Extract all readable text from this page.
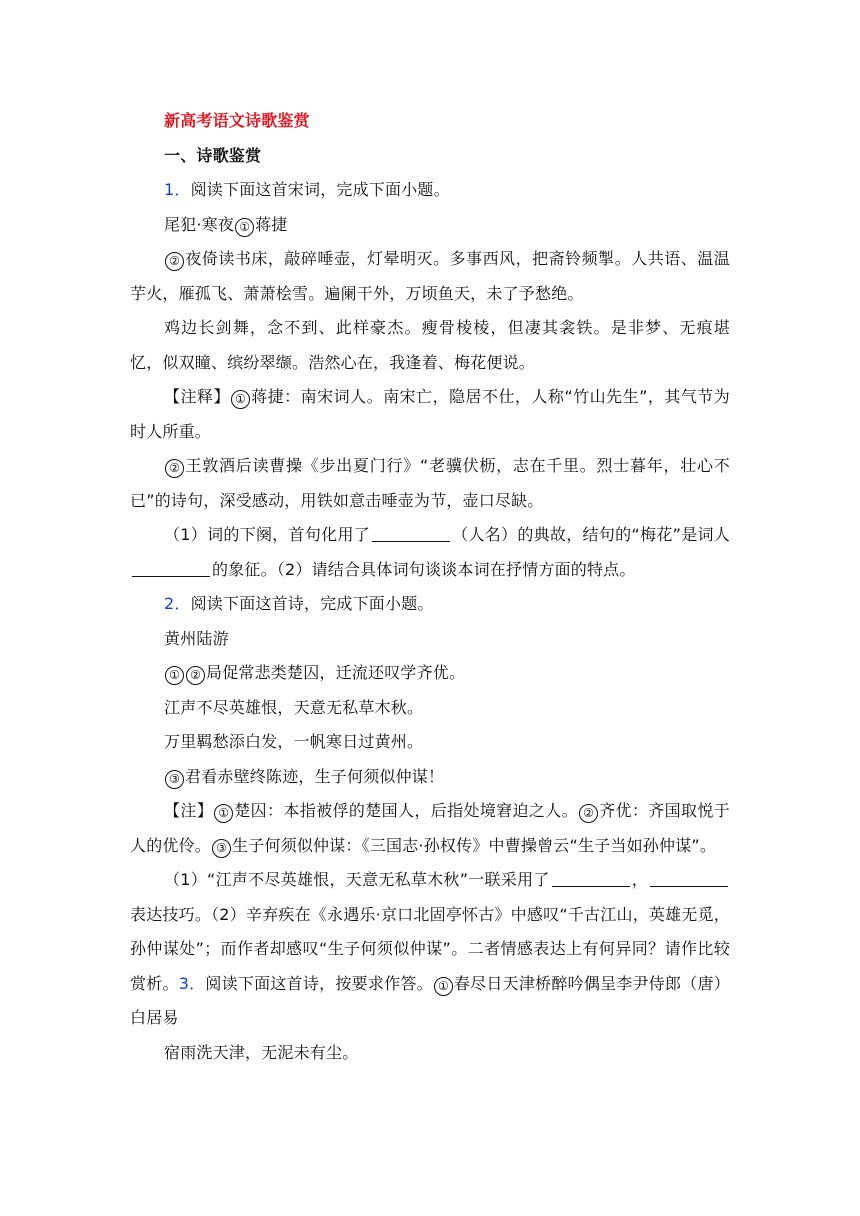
新高考语文诗歌鉴赏

一、诗歌鉴赏

1．阅读下面这首宋词，完成下面小题。

尾犯·寒夜 ① 蒋捷

② 夜倚读书床，敲碎唾壶，灯晕明灭。多事西风，把斋铃频掣。人共语、温温芋火，雁孤飞、萧萧桧雪。遍阑干外，万顷鱼天，未了予愁绝。

鸡边长剑舞，念不到、此样豪杰。瘦骨棱棱，但凄其衾铁。是非梦、无痕堪忆，似双瞳、缤纷翠缬。浩然心在，我逢着、梅花便说。

【注释】 ① 蒋捷：南宋词人。南宋亡，隐居不仕，人称“竹山先生”，其气节为时人所重。

② 王敦酒后读曹操《步出夏门行》“老骥伏枥，志在千里。烈士暮年，壮心不已”的诗句，深受感动，用铁如意击唾壶为节，壶口尽缺。

（1）词的下阕，首句化用了	（人名）的典故，结句的“梅花”是词人的象征。（2）请结合具体词句谈谈本词在抒情方面的特点。

2．阅读下面这首诗，完成下面小题。

黄州陆游

① ② 局促常悲类楚囚，迁流还叹学齐优。

江声不尽英雄恨，天意无私草木秋。

万里羁愁添白发，一帆寒日过黄州。

③ 君看赤壁终陈迹，生子何须似仲谋！

【注】 ① 楚囚：本指被俘的楚国人，后指处境窘迫之人。 ② 齐优：齐国取悦于人的优伶。 ③ 生子何须似仲谋：《三国志·孙权传》中曹操曾云“生子当如孙仲谋”。

（1）“江声不尽英雄恨，天意无私草木秋”一联采用了	，表达技巧。（2）辛弃疾在《永遇乐·京口北固亭怀古》中感叹“千古江山，英雄无觅，孙仲谋处”；而作者却感叹“生子何须似仲谋”。二者情感表达上有何异同？请作比较赏析。3．阅读下面这首诗，按要求作答。 ① 春尽日天津桥醉吟偶呈李尹侍郎（唐）白居易

宿雨洗天津，无泥未有尘。
